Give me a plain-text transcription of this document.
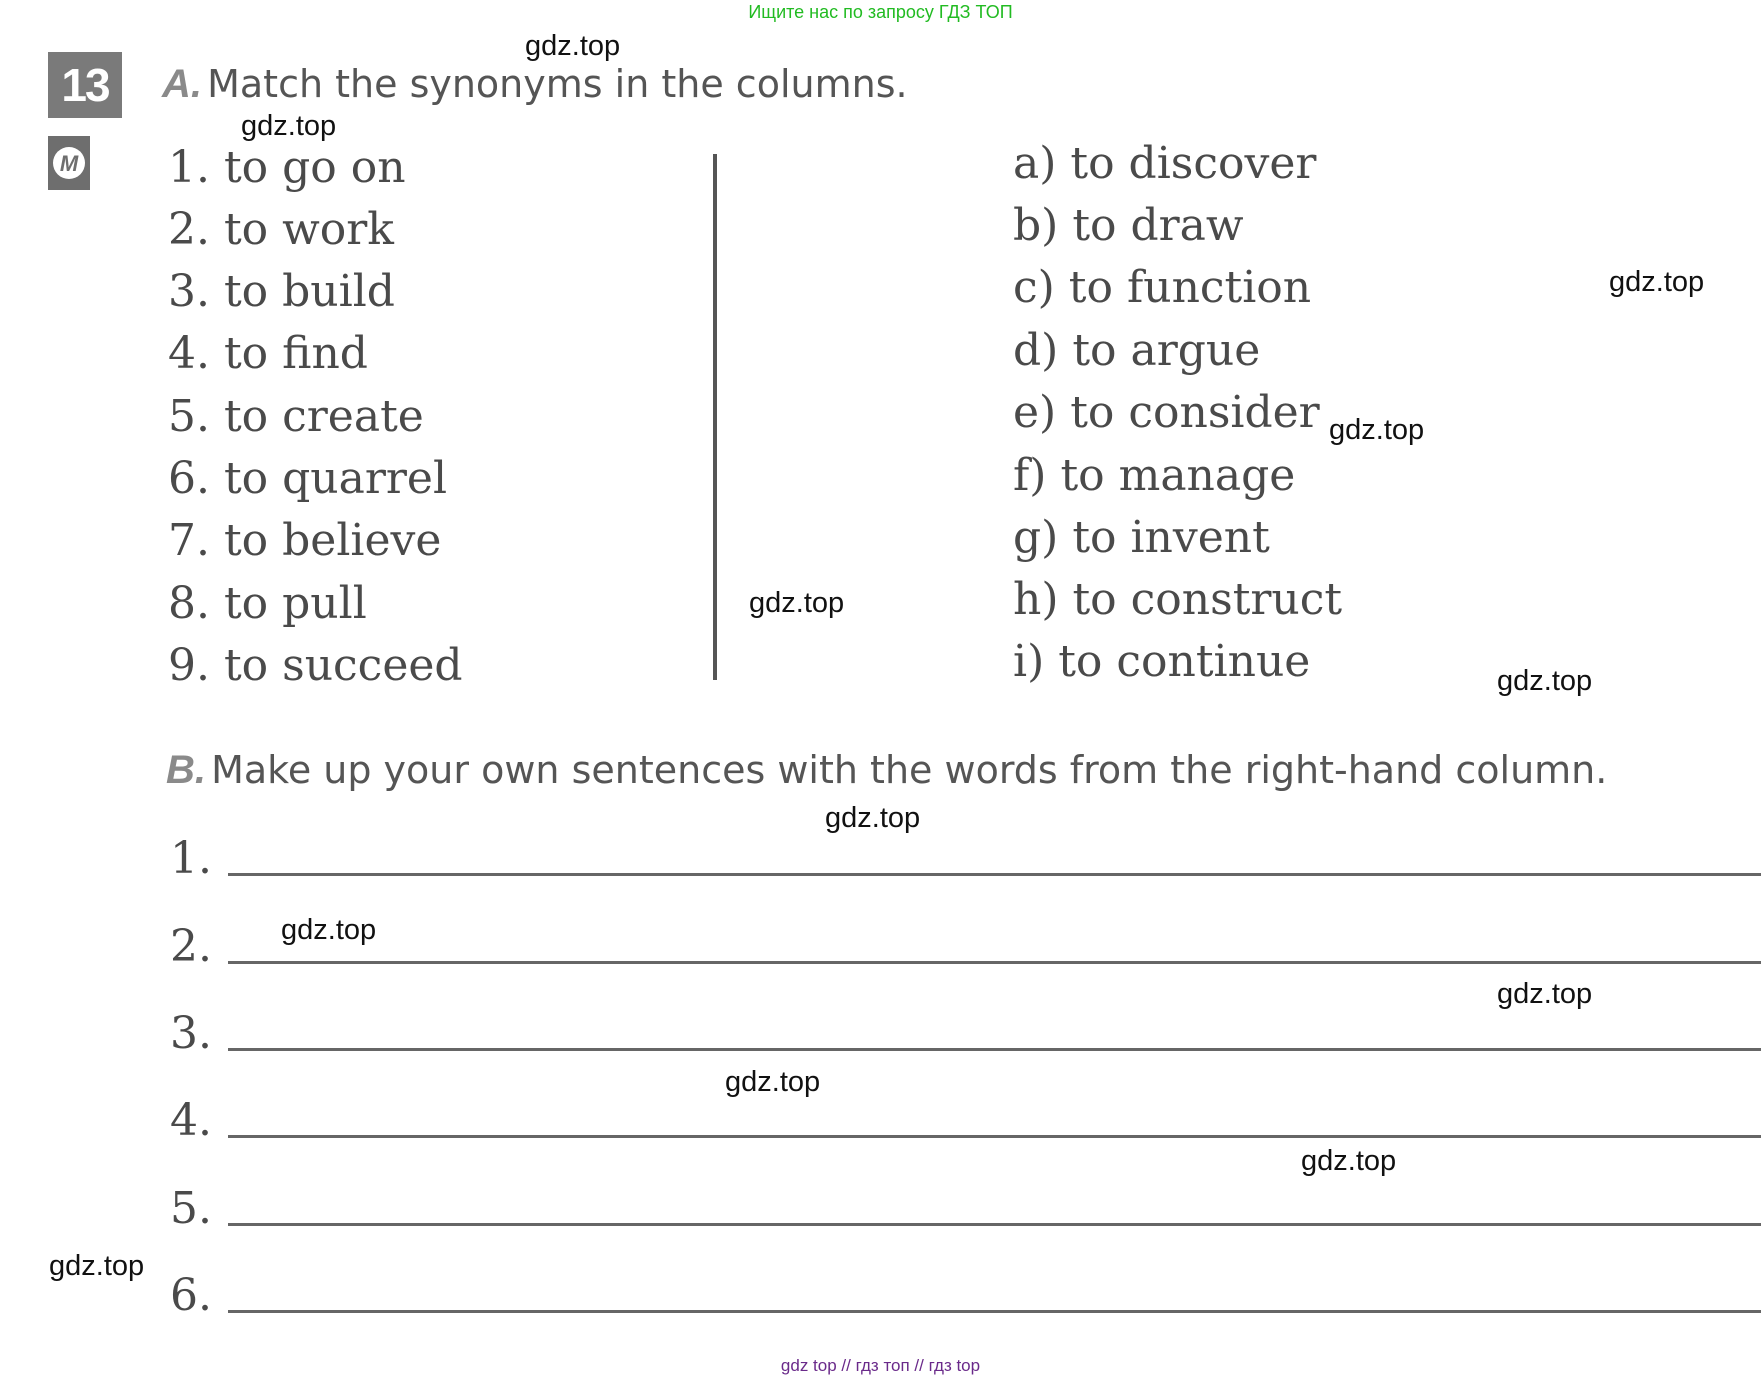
Ищите нас по запросу ГДЗ ТОП
13
M
A. Match the synonyms in the columns.
1. to go on
2. to work
3. to build
4. to find
5. to create
6. to quarrel
7. to believe
8. to pull
9. to succeed
a) to discover
b) to draw
c) to function
d) to argue
e) to consider
f) to manage
g) to invent
h) to construct
i) to continue
B. Make up your own sentences with the words from the right-hand column.
1.
2.
3.
4.
5.
6.
gdz.top
gdz.top
gdz.top
gdz.top
gdz.top
gdz.top
gdz.top
gdz.top
gdz.top
gdz.top
gdz.top
gdz.top
gdz top // гдз топ // гдз top
